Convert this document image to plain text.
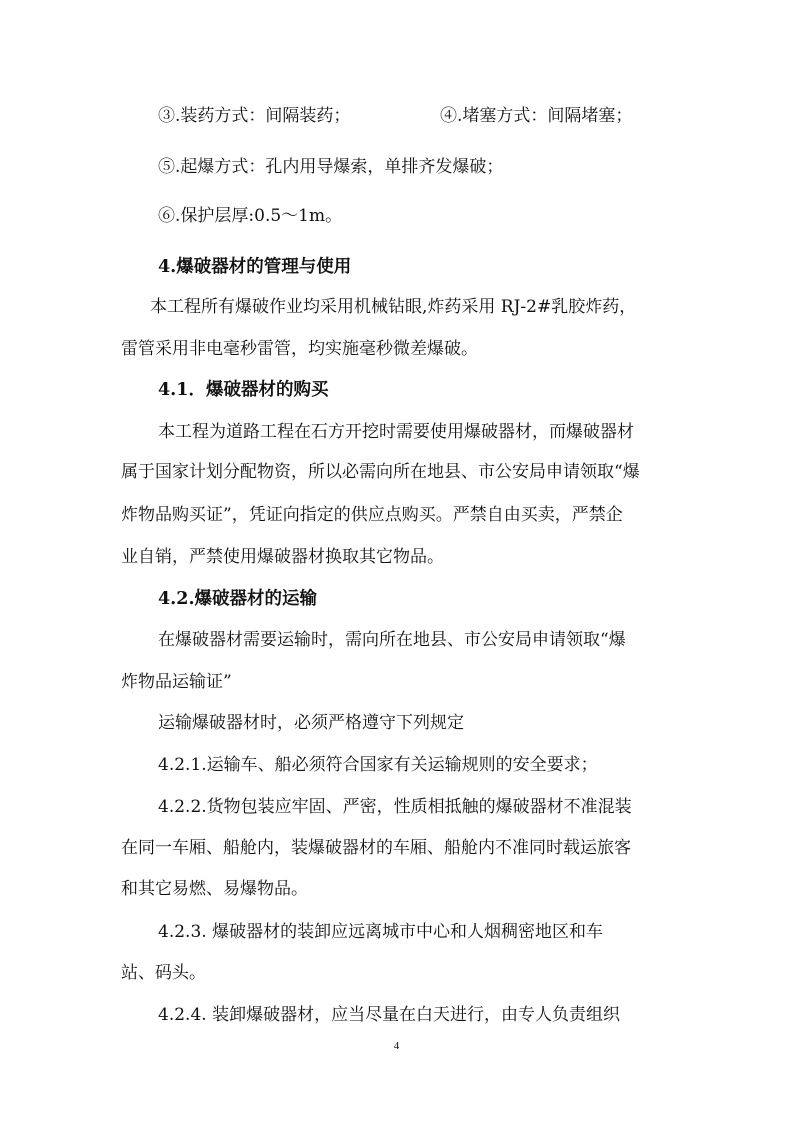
③.装药方式：间隔装药；	④.堵塞方式：间隔堵塞；
⑤.起爆方式：孔内用导爆索，单排齐发爆破；
⑥.保护层厚:0.5～1m。
4.爆破器材的管理与使用
本工程所有爆破作业均采用机械钻眼,炸药采用 RJ-2#乳胶炸药，
雷管采用非电毫秒雷管，均实施毫秒微差爆破。
4.1．爆破器材的购买
本工程为道路工程在石方开挖时需要使用爆破器材，而爆破器材
属于国家计划分配物资，所以必需向所在地县、市公安局申请领取“爆
炸物品购买证”，凭证向指定的供应点购买。严禁自由买卖，严禁企
业自销，严禁使用爆破器材换取其它物品。
4.2.爆破器材的运输
在爆破器材需要运输时，需向所在地县、市公安局申请领取“爆
炸物品运输证”
运输爆破器材时，必须严格遵守下列规定
4.2.1.运输车、船必须符合国家有关运输规则的安全要求；
4.2.2.货物包装应牢固、严密，性质相抵触的爆破器材不准混装
在同一车厢、船舱内，装爆破器材的车厢、船舱内不准同时载运旅客
和其它易燃、易爆物品。
4.2.3. 爆破器材的装卸应远离城市中心和人烟稠密地区和车
站、码头。
4.2.4. 装卸爆破器材，应当尽量在白天进行，由专人负责组织
4
